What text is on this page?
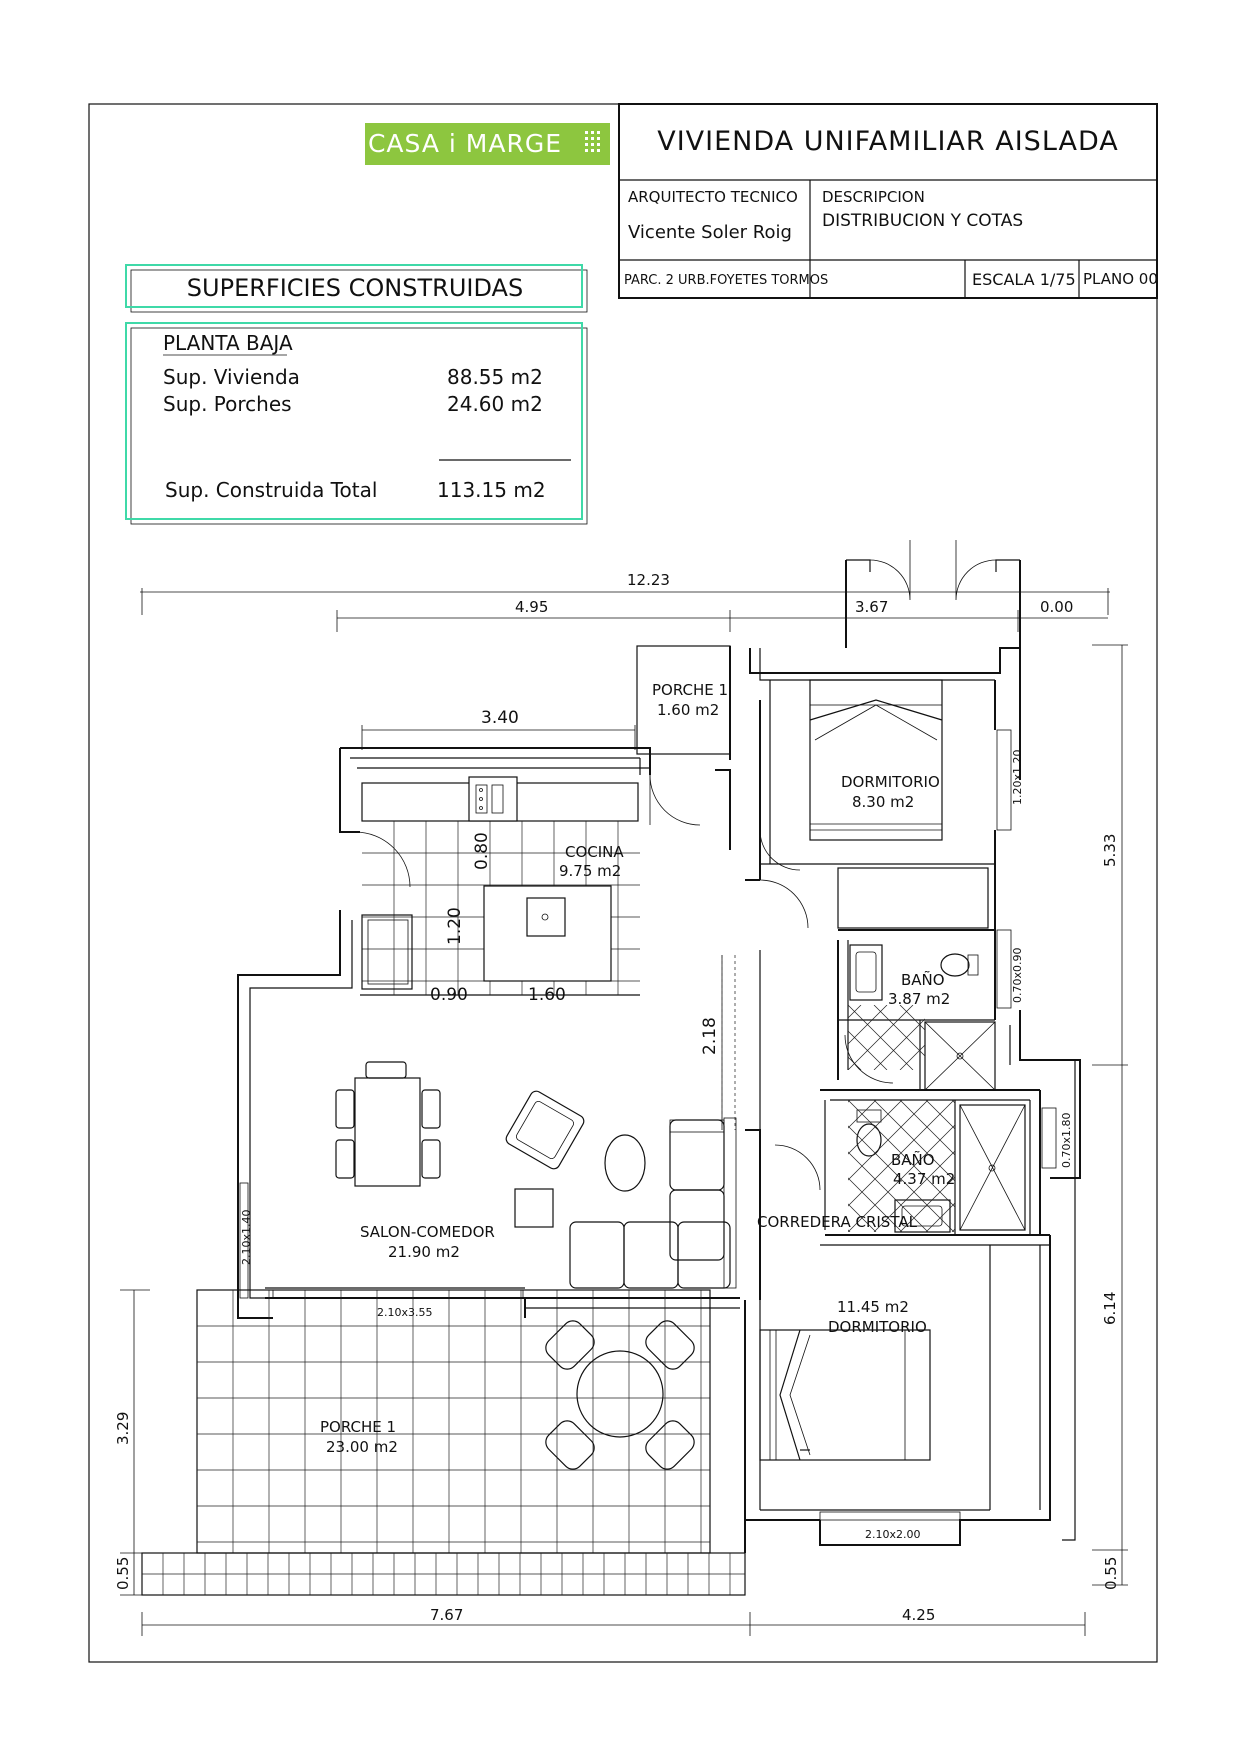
CASA i MARGE	VIVIENDA UNIFAMILIAR AISLADA
ARQUITECTO TECNICO
Vicente Soler Roig
DESCRIPCION
DISTRIBUCION Y COTAS
PARC. 2 URB.FOYETES TORMOS	ESCALA 1/75 PLANO 00
SUPERFICIES CONSTRUIDAS
PLANTA BAJA
Sup. Vivienda	88.55 m2
Sup. Porches	24.60 m2
Sup. Construida Total	113.15 m2
12.23
4.95	3.67	0.00
3.40
0.80
1.20
0.90	1.60
2.18
5.33
6.14
3.29
0.55	0.55
7.67	4.25
PORCHE 1
1.60 m2
DORMITORIO
8.30 m2
COCINA
9.75 m2
BAÑO
3.87 m2
BAÑO
4.37 m2
CORREDERA CRISTAL
SALON-COMEDOR
21.90 m2
11.45 m2
DORMITORIO
PORCHE 1
23.00 m2
1.20x1.20
0.70x0.90
0.70x1.80
2.10x1.40
2.10x3.55
2.10x2.00
